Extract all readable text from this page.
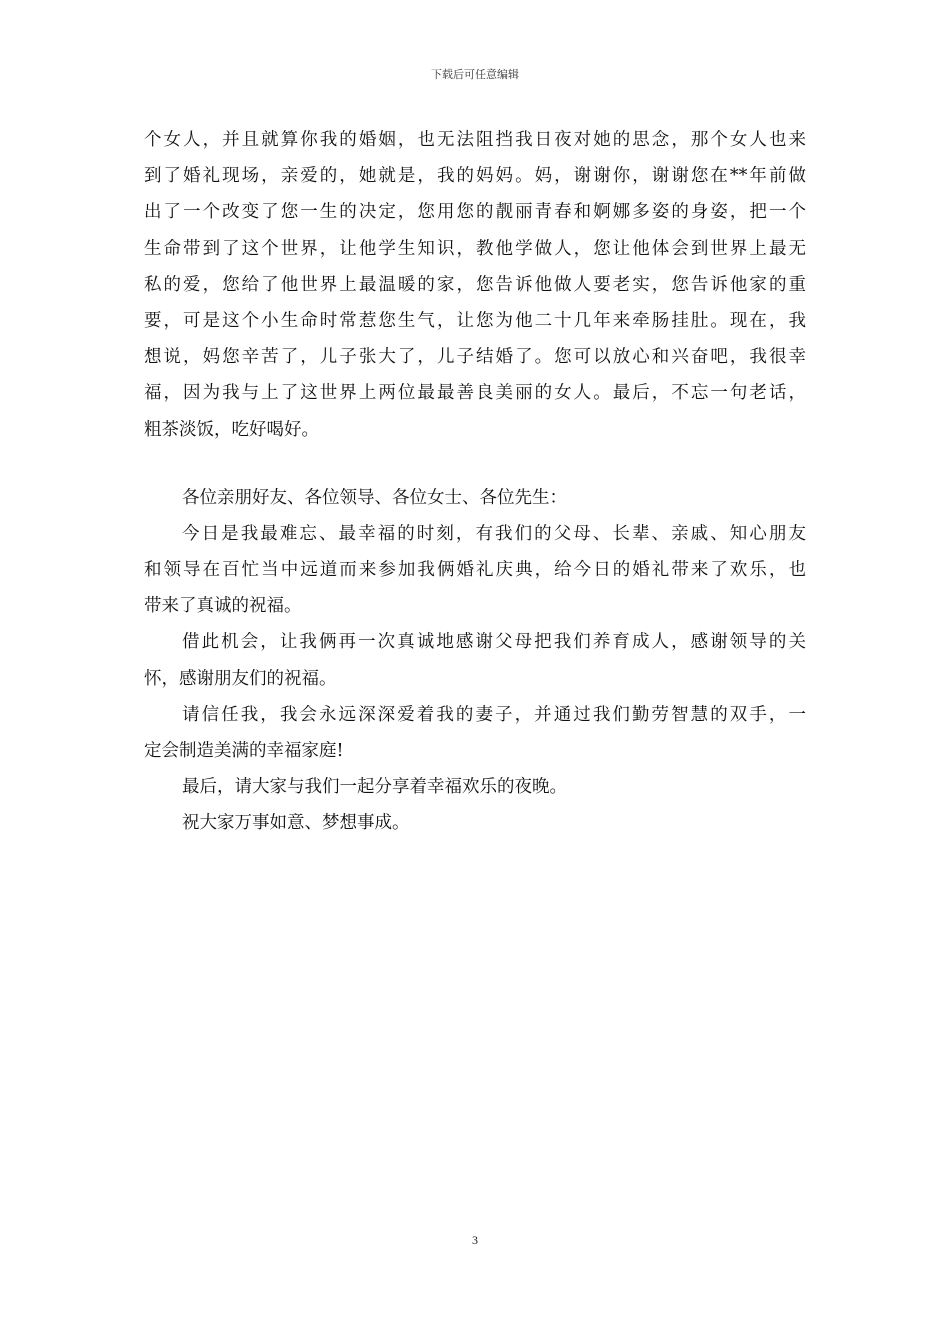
下载后可任意编辑
个女人，并且就算你我的婚姻，也无法阻挡我日夜对她的思念，那个女人也来
到了婚礼现场，亲爱的，她就是，我的妈妈。妈，谢谢你，谢谢您在**年前做
出了一个改变了您一生的决定，您用您的靓丽青春和婀娜多姿的身姿，把一个
生命带到了这个世界，让他学生知识，教他学做人，您让他体会到世界上最无
私的爱，您给了他世界上最温暖的家，您告诉他做人要老实，您告诉他家的重
要，可是这个小生命时常惹您生气，让您为他二十几年来牵肠挂肚。现在，我
想说，妈您辛苦了，儿子张大了，儿子结婚了。您可以放心和兴奋吧，我很幸
福，因为我与上了这世界上两位最最善良美丽的女人。最后，不忘一句老话，
粗茶淡饭，吃好喝好。
各位亲朋好友、各位领导、各位女士、各位先生：
今日是我最难忘、最幸福的时刻，有我们的父母、长辈、亲戚、知心朋友
和领导在百忙当中远道而来参加我俩婚礼庆典，给今日的婚礼带来了欢乐，也
带来了真诚的祝福。
借此机会，让我俩再一次真诚地感谢父母把我们养育成人，感谢领导的关
怀，感谢朋友们的祝福。
请信任我，我会永远深深爱着我的妻子，并通过我们勤劳智慧的双手，一
定会制造美满的幸福家庭!
最后，请大家与我们一起分享着幸福欢乐的夜晚。
祝大家万事如意、梦想事成。
3
